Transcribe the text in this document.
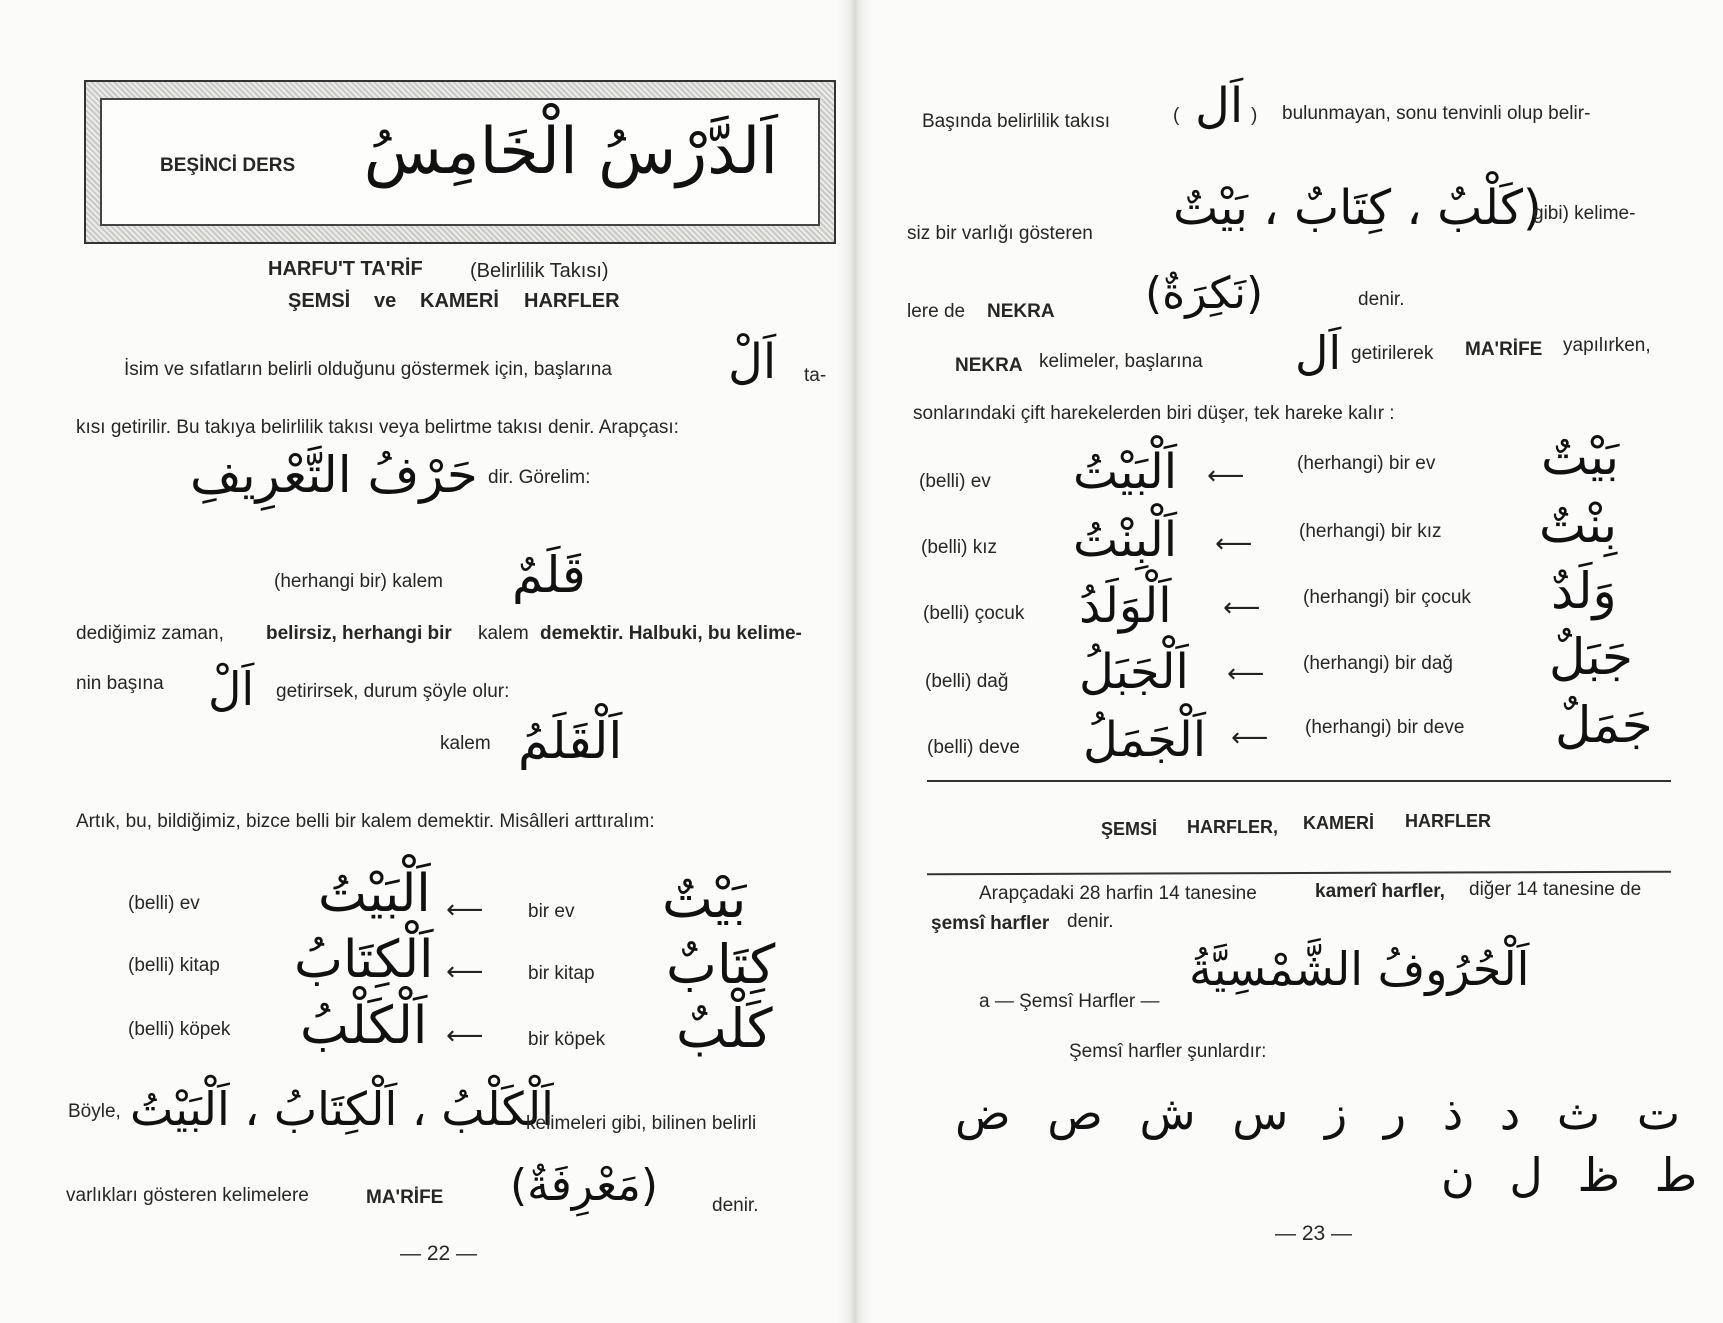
BEŞİNCİ DERS اَلدَّرْسُ الْخَامِسُ
HARFU'T TA'RİF (Belirlilik Takısı)
ŞEMSİ ve KAMERİ HARFLER
İsim ve sıfatların belirli olduğunu göstermek için, başlarına اَلْ ta-
kısı getirilir. Bu takıya belirlilik takısı veya belirtme takısı denir. Arapçası:
حَرْفُ التَّعْرِيفِ dir. Görelim:
(herhangi bir) kalem قَلَمٌ
dediğimiz zaman, belirsiz, herhangi bir kalem demektir. Halbuki, bu kelime-
nin başına اَلْ getirirsek, durum şöyle olur:
kalem اَلْقَلَمُ
Artık, bu, bildiğimiz, bizce belli bir kalem demektir. Misâlleri arttıralım:
(belli) ev اَلْبَيْتُ ⟵ bir ev بَيْتٌ
(belli) kitap اَلْكِتَابُ ⟵ bir kitap كِتَابٌ
(belli) köpek اَلْكَلْبُ ⟵ bir köpek كَلْبٌ
Böyle, اَلْكَلْبُ ، اَلْكِتَابُ ، اَلْبَيْتُ
kelimeleri gibi, bilinen belirli
varlıkları gösteren kelimelere	MA'RİFE (مَعْرِفَةٌ)	denir.
— 22 —
Başında belirlilik takısı	( اَل ) bulunmayan, sonu tenvinli olup belir-
siz bir varlığı gösteren (كَلْبٌ ، كِتَابٌ ، بَيْتٌ
gibi) kelime-
lere de NEKRA (نَكِرَةٌ)	denir.
NEKRA kelimeler, başlarına اَل getirilerek MA'RİFE yapılırken,
sonlarındaki çift harekelerden biri düşer, tek hareke kalır :
(belli) ev اَلْبَيْتُ ⟵	(herhangi) bir ev بَيْتٌ
(belli) kız اَلْبِنْتُ ⟵ (herhangi) bir kız بِنْتٌ
(belli) çocuk اَلْوَلَدُ ⟵ (herhangi) bir çocuk وَلَدٌ
(belli) dağ اَلْجَبَلُ ⟵ (herhangi) bir dağ جَبَلٌ
(belli) deve اَلْجَمَلُ ⟵ (herhangi) bir deve جَمَلٌ
ŞEMSİ HARFLER, KAMERİ HARFLER
Arapçadaki 28 harfin 14 tanesine	kamerî harfler, diğer 14 tanesine de
şemsî harfler denir.
a — Şemsî Harfler —
اَلْحُرُوفُ الشَّمْسِيَّةُ
Şemsî harfler şunlardır:
ت ث د ذ ر ز س ش ص ض
ط ظ ل ن
— 23 —
